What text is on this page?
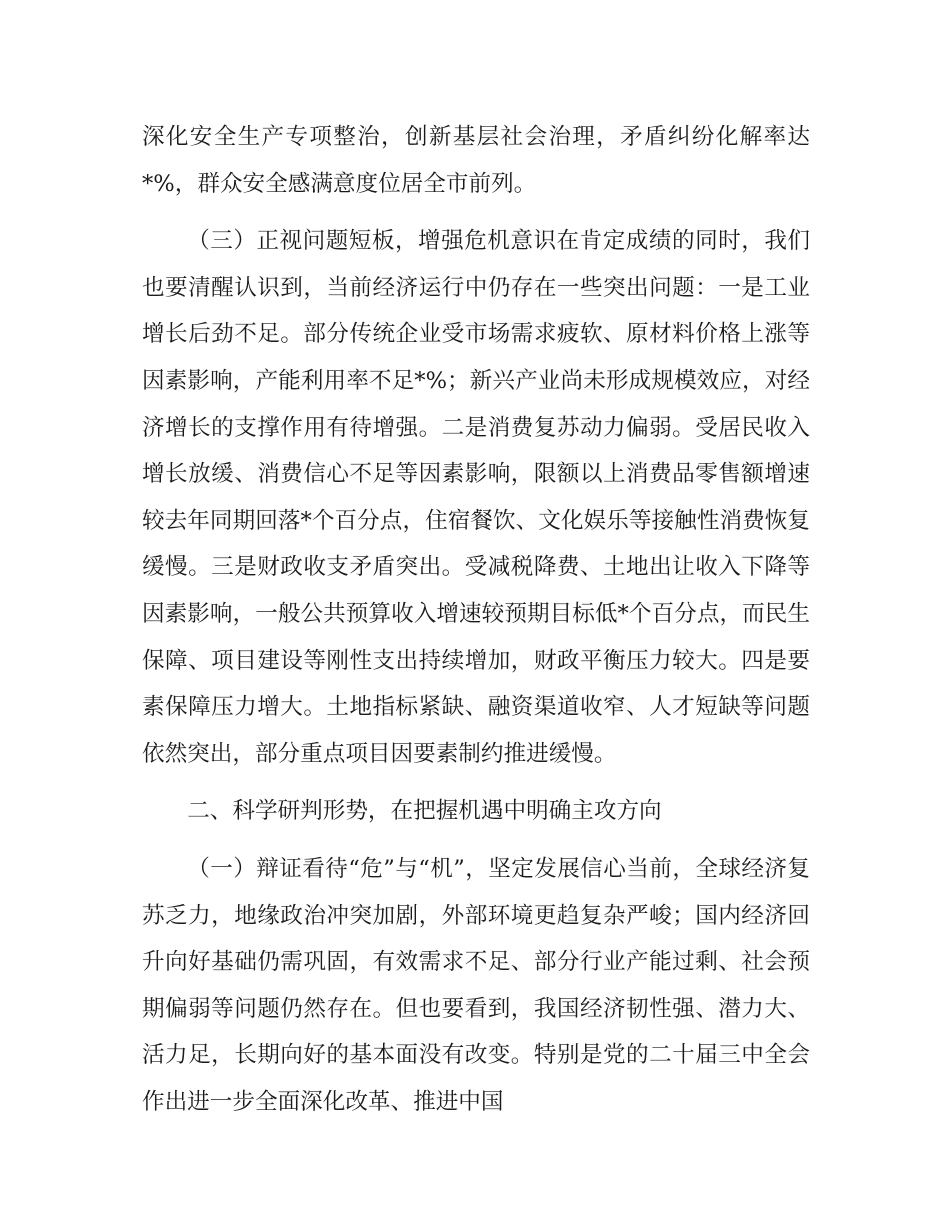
深化安全生产专项整治，创新基层社会治理，矛盾纠纷化解率达*%，群众安全感满意度位居全市前列。

（三）正视问题短板，增强危机意识在肯定成绩的同时，我们也要清醒认识到，当前经济运行中仍存在一些突出问题：一是工业增长后劲不足。部分传统企业受市场需求疲软、原材料价格上涨等因素影响，产能利用率不足*%；新兴产业尚未形成规模效应，对经济增长的支撑作用有待增强。二是消费复苏动力偏弱。受居民收入增长放缓、消费信心不足等因素影响，限额以上消费品零售额增速较去年同期回落*个百分点，住宿餐饮、文化娱乐等接触性消费恢复缓慢。三是财政收支矛盾突出。受减税降费、土地出让收入下降等因素影响，一般公共预算收入增速较预期目标低*个百分点，而民生保障、项目建设等刚性支出持续增加，财政平衡压力较大。四是要素保障压力增大。土地指标紧缺、融资渠道收窄、人才短缺等问题依然突出，部分重点项目因要素制约推进缓慢。

二、科学研判形势，在把握机遇中明确主攻方向

（一）辩证看待“危”与“机”，坚定发展信心当前，全球经济复苏乏力，地缘政治冲突加剧，外部环境更趋复杂严峻；国内经济回升向好基础仍需巩固，有效需求不足、部分行业产能过剩、社会预期偏弱等问题仍然存在。但也要看到，我国经济韧性强、潜力大、活力足，长期向好的基本面没有改变。特别是党的二十届三中全会作出进一步全面深化改革、推进中国
